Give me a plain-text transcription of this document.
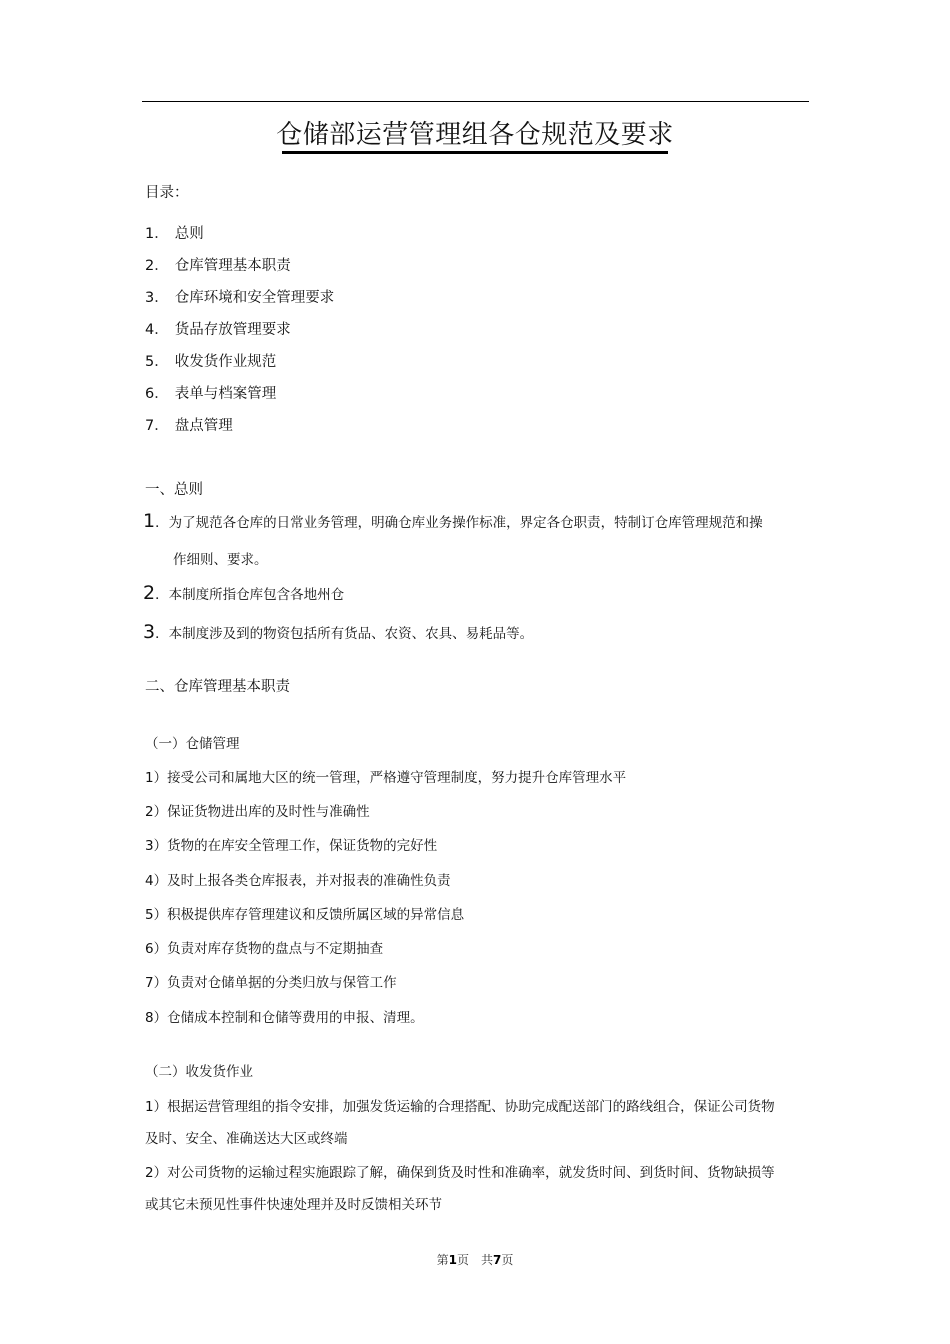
仓储部运营管理组各仓规范及要求
目录：
1． 总则
2． 仓库管理基本职责
3． 仓库环境和安全管理要求
4． 货品存放管理要求
5． 收发货作业规范
6． 表单与档案管理
7． 盘点管理
一、总则
1．为了规范各仓库的日常业务管理，明确仓库业务操作标准，界定各仓职责，特制订仓库管理规范和操
作细则、要求。
2．本制度所指仓库包含各地州仓
3．本制度涉及到的物资包括所有货品、农资、农具、易耗品等。
二、仓库管理基本职责
（一）仓储管理
1）接受公司和属地大区的统一管理，严格遵守管理制度，努力提升仓库管理水平
2）保证货物进出库的及时性与准确性
3）货物的在库安全管理工作，保证货物的完好性
4）及时上报各类仓库报表，并对报表的准确性负责
5）积极提供库存管理建议和反馈所属区域的异常信息
6）负责对库存货物的盘点与不定期抽查
7）负责对仓储单据的分类归放与保管工作
8）仓储成本控制和仓储等费用的申报、清理。
（二）收发货作业
1）根据运营管理组的指令安排，加强发货运输的合理搭配、协助完成配送部门的路线组合，保证公司货物
及时、安全、准确送达大区或终端
2）对公司货物的运输过程实施跟踪了解，确保到货及时性和准确率，就发货时间、到货时间、货物缺损等
或其它未预见性事件快速处理并及时反馈相关环节
第1页　共7页
